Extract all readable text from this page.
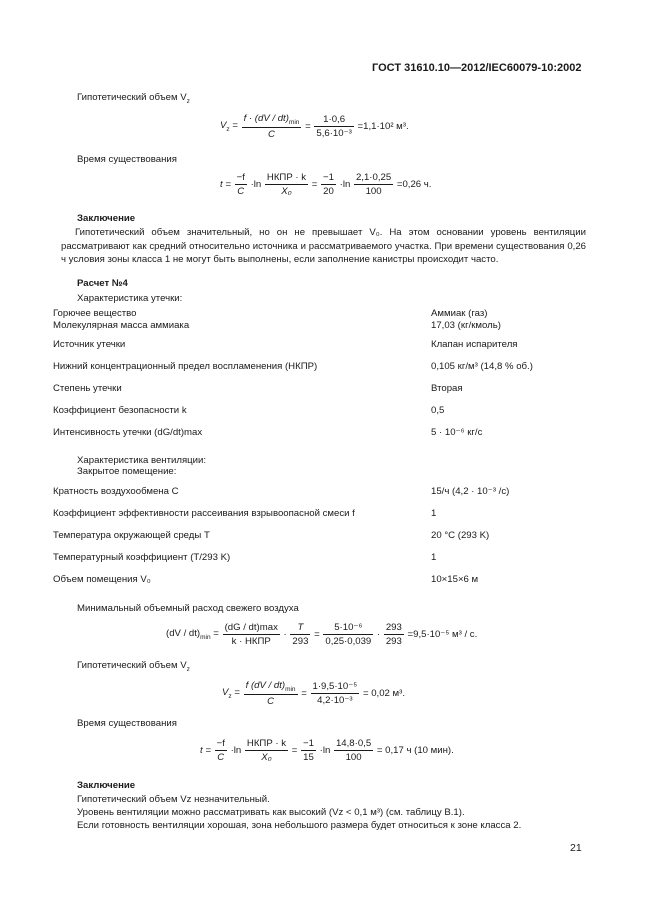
ГОСТ 31610.10—2012/IEC60079-10:2002
Гипотетический объем $V_z$
$V_z = \frac{f \cdot (dV / dt)_{min}}{C} = \frac{1\cdot 0,6}{\text{5,6·10⁻³}} =1,1\cdot 10^2$ м³.
Время существования
$t = \frac{-f}{C} \cdot\ln \frac{\text{НКПР · k}}{\text{X₀}} = \frac{-1}{20} \cdot\ln \frac{2,1\cdot 0,25}{100} =0,26$ ч.
Заключение
Гипотетический объем значительный, но он не превышает V₀. На этом основании уровень вентиляции рассматривают как средний относительно источника и рассматриваемого участка. При времени существования 0,26 ч условия зоны класса 1 не могут быть выполнены, если заполнение канистры происходит часто.
Расчет №4
Характеристика утечки:
Горючее вещество	Аммиак (газ)
Молекулярная масса аммиака	17,03 (кг/кмоль)
Источник утечки	Клапан испарителя
Нижний концентрационный предел воспламенения (НКПР)	0,105 кг/м³ (14,8 % об.)
Степень утечки	Вторая
Коэффициент безопасности k	0,5
Интенсивность утечки (dG/dt)max	5 · 10⁻⁶ кг/с
Характеристика вентиляции:
Закрытое помещение:
Кратность воздухообмена C	15/ч (4,2 · 10⁻³ /с)
Коэффициент эффективности рассеивания взрывоопасной смеси f	1
Температура окружающей среды T	20 °C (293 K)
Температурный коэффициент (T/293 K)	1
Объем помещения V₀	10×15×6 м
Минимальный объемный расход свежего воздуха
$(dV / dt)_{min} = \frac{(dG / dt)\max}{\text{k · НКПР}} \cdot \frac{T}{293} = \frac{\text{5·10⁻⁶}}{0,25\cdot 0,039} \cdot \frac{293}{293} =9,5\cdot 10^{-5}$ м³ / с.
Гипотетический объем $V_z$
$V_z = \frac{f (dV / dt)_{min}}{C} = \frac{\text{1·9,5·10⁻⁵}}{\text{4,2·10⁻³}} = 0,02$ м³.
Время существования
$t = \frac{-f}{C} \cdot\ln \frac{\text{НКПР · k}}{\text{X₀}} = \frac{-1}{15} \cdot\ln \frac{14,8\cdot 0,5}{100} = 0,17$ ч (10 мин).
Заключение
Гипотетический объем Vz незначительный.
Уровень вентиляции можно рассматривать как высокий (Vz < 0,1 м³) (см. таблицу В.1).
Если готовность вентиляции хорошая, зона небольшого размера будет относиться к зоне класса 2.
21
